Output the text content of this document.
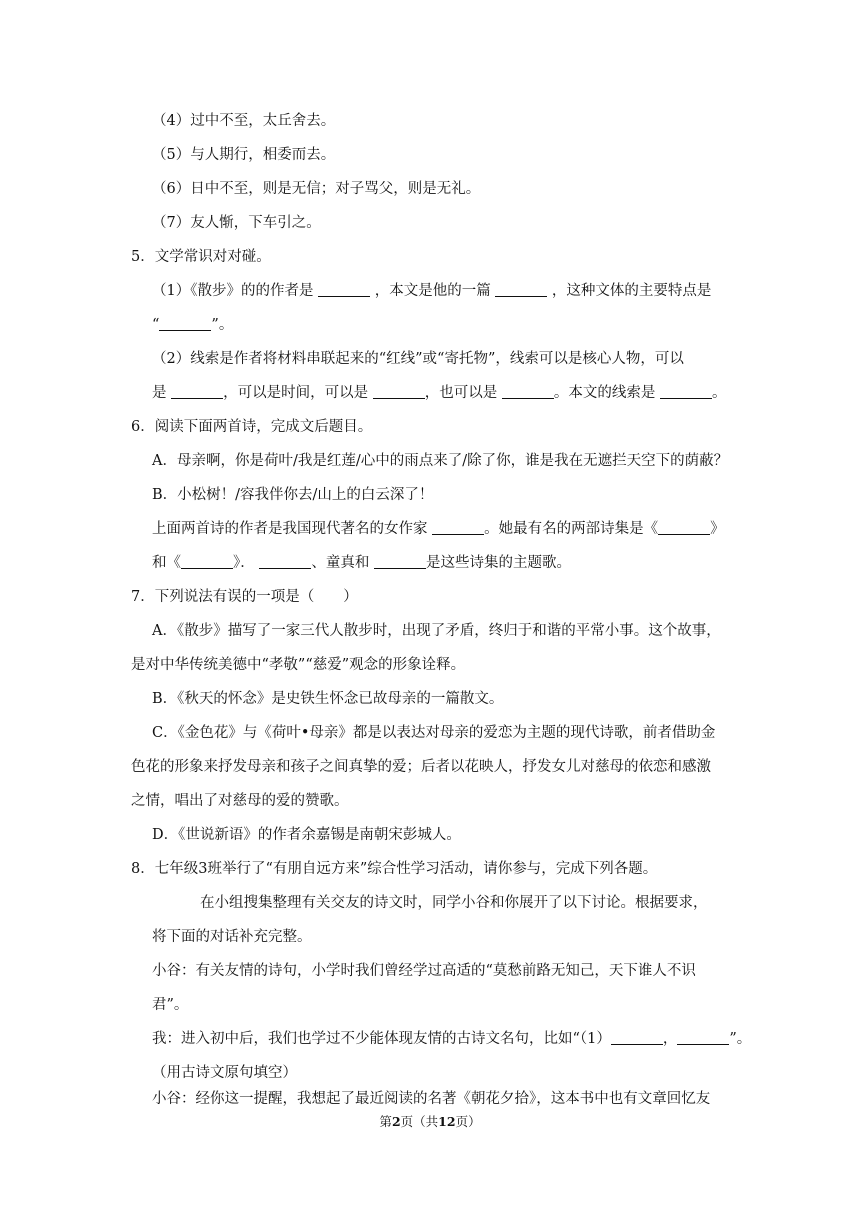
（4）过中不至，太丘舍去。
（5）与人期行，相委而去。
（6）日中不至，则是无信；对子骂父，则是无礼。
（7）友人惭，下车引之。
5．文学常识对对碰。
（1）《散步》的的作者是	，本文是他的一篇	，这种文体的主要特点是
“	”。
（2）线索是作者将材料串联起来的“红线”或“寄托物”，线索可以是核心人物，可以
是	，可以是时间，可以是	，也可以是	。本文的线索是	。
6．阅读下面两首诗，完成文后题目。
A．母亲啊，你是荷叶/我是红莲/心中的雨点来了/除了你，谁是我在无遮拦天空下的荫蔽？
B．小松树！/容我伴你去/山上的白云深了！
上面两首诗的作者是我国现代著名的女作家	。她最有名的两部诗集是《	》
和《	》．	、童真和	是这些诗集的主题歌。
7．下列说法有误的一项是（　　）
A．《散步》描写了一家三代人散步时，出现了矛盾，终归于和谐的平常小事。这个故事，
是对中华传统美德中“孝敬”“慈爱”观念的形象诠释。
B．《秋天的怀念》是史铁生怀念已故母亲的一篇散文。
C．《金色花》与《荷叶•母亲》都是以表达对母亲的爱恋为主题的现代诗歌，前者借助金
色花的形象来抒发母亲和孩子之间真挚的爱；后者以花映人，抒发女儿对慈母的依恋和感激
之情，唱出了对慈母的爱的赞歌。
D．《世说新语》的作者余嘉锡是南朝宋彭城人。
8．七年级3班举行了“有朋自远方来”综合性学习活动，请你参与，完成下列各题。
在小组搜集整理有关交友的诗文时，同学小谷和你展开了以下讨论。根据要求，
将下面的对话补充完整。
小谷：有关友情的诗句，小学时我们曾经学过高适的“莫愁前路无知己，天下谁人不识
君”。
我：进入初中后，我们也学过不少能体现友情的古诗文名句，比如“（1）	，	”。
（用古诗文原句填空）
小谷：经你这一提醒，我想起了最近阅读的名著《朝花夕拾》，这本书中也有文章回忆友
第2页（共12页）
